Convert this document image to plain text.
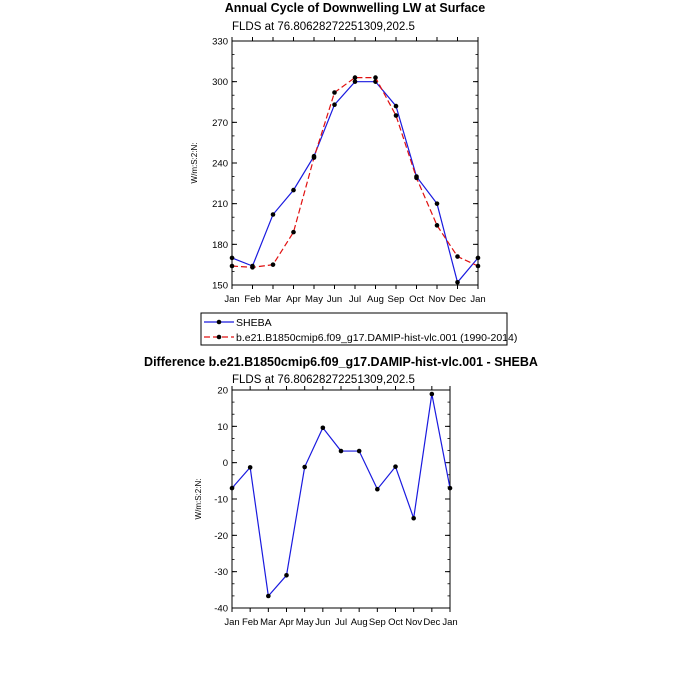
Annual Cycle of Downwelling LW at Surface
FLDS at 76.80628272251309,202.5
W/m:S:2:N:
150
180
210
240
270
300
330
Jan Feb Mar Apr May Jun Jul Aug Sep Oct Nov Dec Jan
SHEBA
b.e21.B1850cmip6.f09_g17.DAMIP-hist-vlc.001 (1990-2014)
Difference b.e21.B1850cmip6.f09_g17.DAMIP-hist-vlc.001 - SHEBA
FLDS at 76.80628272251309,202.5
W/m:S:2:N:
-40
-30
-20
-10
0
10
20
Jan Feb Mar Apr May Jun Jul Aug Sep Oct Nov Dec Jan
